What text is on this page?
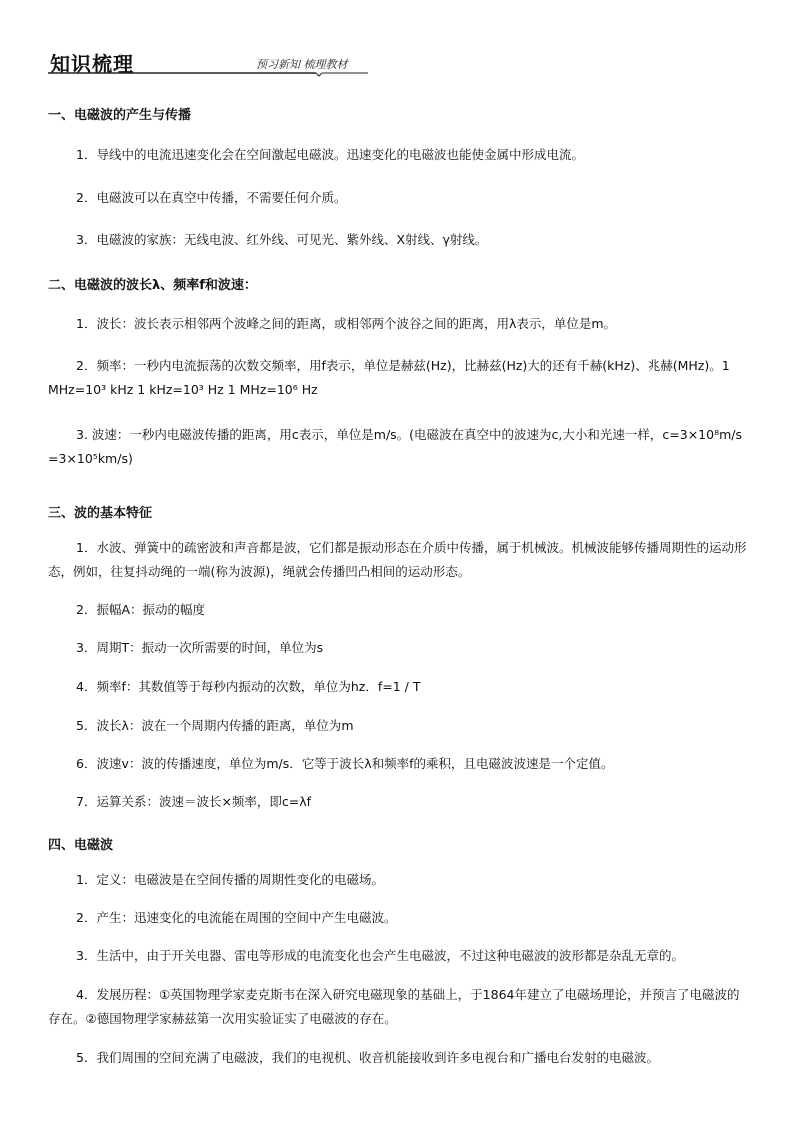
知识梳理	预习新知 梳理教材
一、电磁波的产生与传播
1．导线中的电流迅速变化会在空间激起电磁波。迅速变化的电磁波也能使金属中形成电流。
2．电磁波可以在真空中传播，不需要任何介质。
3．电磁波的家族：无线电波、红外线、可见光、紫外线、X射线、γ射线。
二、电磁波的波长λ、频率f和波速：
1．波长：波长表示相邻两个波峰之间的距离，或相邻两个波谷之间的距离，用λ表示，单位是m。
2．频率：一秒内电流振荡的次数交频率，用f表示，单位是赫兹(Hz)，比赫兹(Hz)大的还有千赫(kHz)、兆赫(MHz)。1 MHz=10³ kHz 1 kHz=10³ Hz 1 MHz=10⁶ Hz
3. 波速：一秒内电磁波传播的距离，用c表示，单位是m/s。(电磁波在真空中的波速为c,大小和光速一样，c=3×10⁸m/s =3×10⁵km/s)
三、波的基本特征
1．水波、弹簧中的疏密波和声音都是波，它们都是振动形态在介质中传播，属于机械波。机械波能够传播周期性的运动形态，例如，往复抖动绳的一端(称为波源)，绳就会传播凹凸相间的运动形态。
2．振幅A：振动的幅度
3．周期T：振动一次所需要的时间，单位为s
4．频率f：其数值等于每秒内振动的次数，单位为hz．f=1 / T
5．波长λ：波在一个周期内传播的距离，单位为m
6．波速v：波的传播速度，单位为m/s．它等于波长λ和频率f的乘积，且电磁波波速是一个定值。
7．运算关系：波速＝波长×频率，即c=λf
四、电磁波
1．定义：电磁波是在空间传播的周期性变化的电磁场。
2．产生：迅速变化的电流能在周围的空间中产生电磁波。
3．生活中，由于开关电器、雷电等形成的电流变化也会产生电磁波，不过这种电磁波的波形都是杂乱无章的。
4．发展历程：①英国物理学家麦克斯韦在深入研究电磁现象的基础上，于1864年建立了电磁场理论，并预言了电磁波的存在。②德国物理学家赫兹第一次用实验证实了电磁波的存在。
5．我们周围的空间充满了电磁波，我们的电视机、收音机能接收到许多电视台和广播电台发射的电磁波。
